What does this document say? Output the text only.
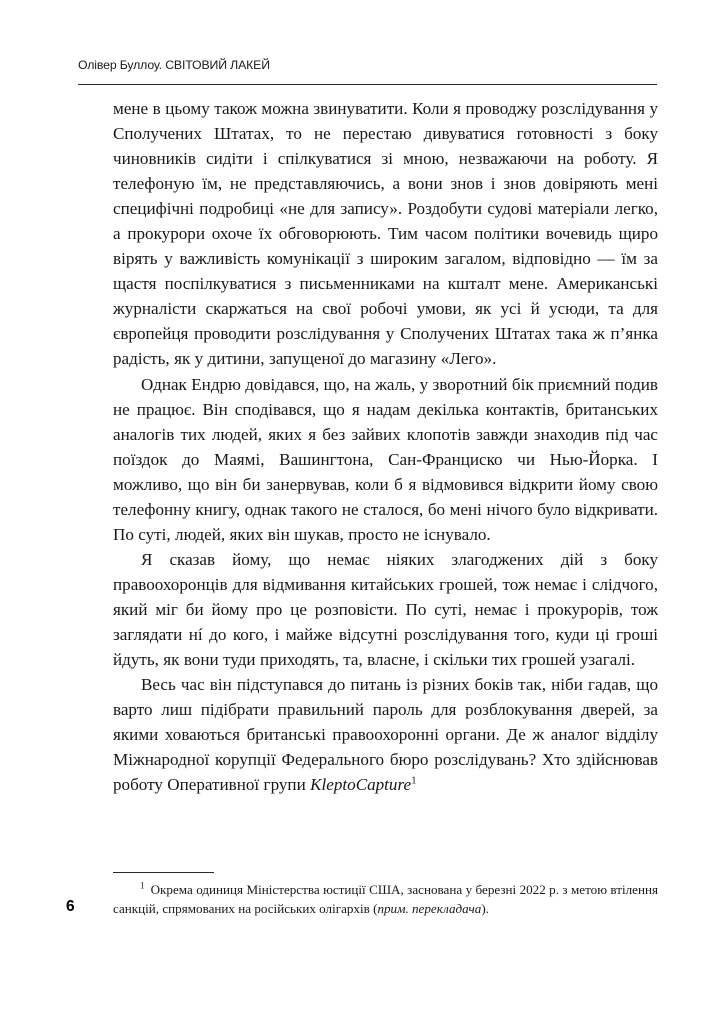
Олівер Буллоу. СВІТОВИЙ ЛАКЕЙ

мене в цьому також можна звинуватити. Коли я проводжу розслідування у Сполучених Штатах, то не перестаю дивуватися готовності з боку чиновників сидіти і спілкуватися зі мною, незважаючи на роботу. Я телефоную їм, не представляючись, а вони знов і знов довіряють мені специфічні подробиці «не для запису». Роздобути судові матеріали легко, а прокурори охоче їх обговорюють. Тим часом політики вочевидь щиро вірять у важливість комунікації з широким загалом, відповідно — їм за щастя поспілкуватися з письменниками на кшталт мене. Американські журналісти скаржаться на свої робочі умови, як усі й усюди, та для європейця проводити розслідування у Сполучених Штатах така ж п’янка радість, як у дитини, запущеної до магазину «Лего».

Однак Ендрю довідався, що, на жаль, у зворотний бік приємний подив не працює. Він сподівався, що я надам декілька контактів, британських аналогів тих людей, яких я без зайвих клопотів завжди знаходив під час поїздок до Маямі, Вашингтона, Сан-Франциско чи Нью-Йорка. І можливо, що він би занервував, коли б я відмовився відкрити йому свою телефонну книгу, однак такого не сталося, бо мені нічого було відкривати. По суті, людей, яких він шукав, просто не існувало.

Я сказав йому, що немає ніяких злагоджених дій з боку правоохоронців для відмивання китайських грошей, тож немає і слідчого, який міг би йому про це розповісти. По суті, немає і прокурорів, тож заглядати нí до кого, і майже відсутні розслідування того, куди ці гроші йдуть, як вони туди приходять, та, власне, і скільки тих грошей узагалі.

Весь час він підступався до питань із різних боків так, ніби гадав, що варто лиш підібрати правильний пароль для розблокування дверей, за якими ховаються британські правоохоронні органи. Де ж аналог відділу Міжнародної корупції Федерального бюро розслідувань? Хто здійснював роботу Оперативної групи KleptoCapture$^1$

$^1$ Окрема одиниця Міністерства юстиції США, заснована у березні 2022 р. з метою втілення санкцій, спрямованих на російських олігархів (прим. перекладача).
6
